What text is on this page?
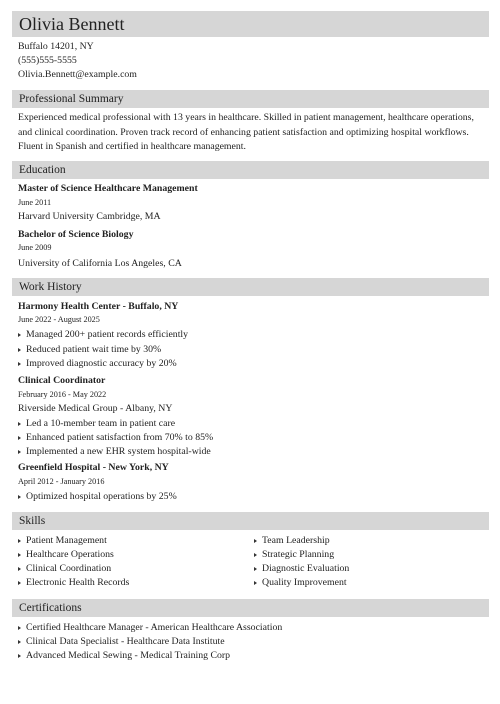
Olivia Bennett
Buffalo 14201, NY
(555)555-5555
Olivia.Bennett@example.com
Professional Summary
Experienced medical professional with 13 years in healthcare. Skilled in patient management, healthcare operations, and clinical coordination. Proven track record of enhancing patient satisfaction and optimizing hospital workflows. Fluent in Spanish and certified in healthcare management.
Education
Master of Science Healthcare Management
June 2011
Harvard University Cambridge, MA
Bachelor of Science Biology
June 2009
University of California Los Angeles, CA
Work History
Harmony Health Center - Buffalo, NY
June 2022 - August 2025
Managed 200+ patient records efficiently
Reduced patient wait time by 30%
Improved diagnostic accuracy by 20%
Clinical Coordinator
February 2016 - May 2022
Riverside Medical Group - Albany, NY
Led a 10-member team in patient care
Enhanced patient satisfaction from 70% to 85%
Implemented a new EHR system hospital-wide
Greenfield Hospital - New York, NY
April 2012 - January 2016
Optimized hospital operations by 25%
Skills
Patient Management
Healthcare Operations
Clinical Coordination
Electronic Health Records
Team Leadership
Strategic Planning
Diagnostic Evaluation
Quality Improvement
Certifications
Certified Healthcare Manager - American Healthcare Association
Clinical Data Specialist - Healthcare Data Institute
Advanced Medical Sewing - Medical Training Corp
